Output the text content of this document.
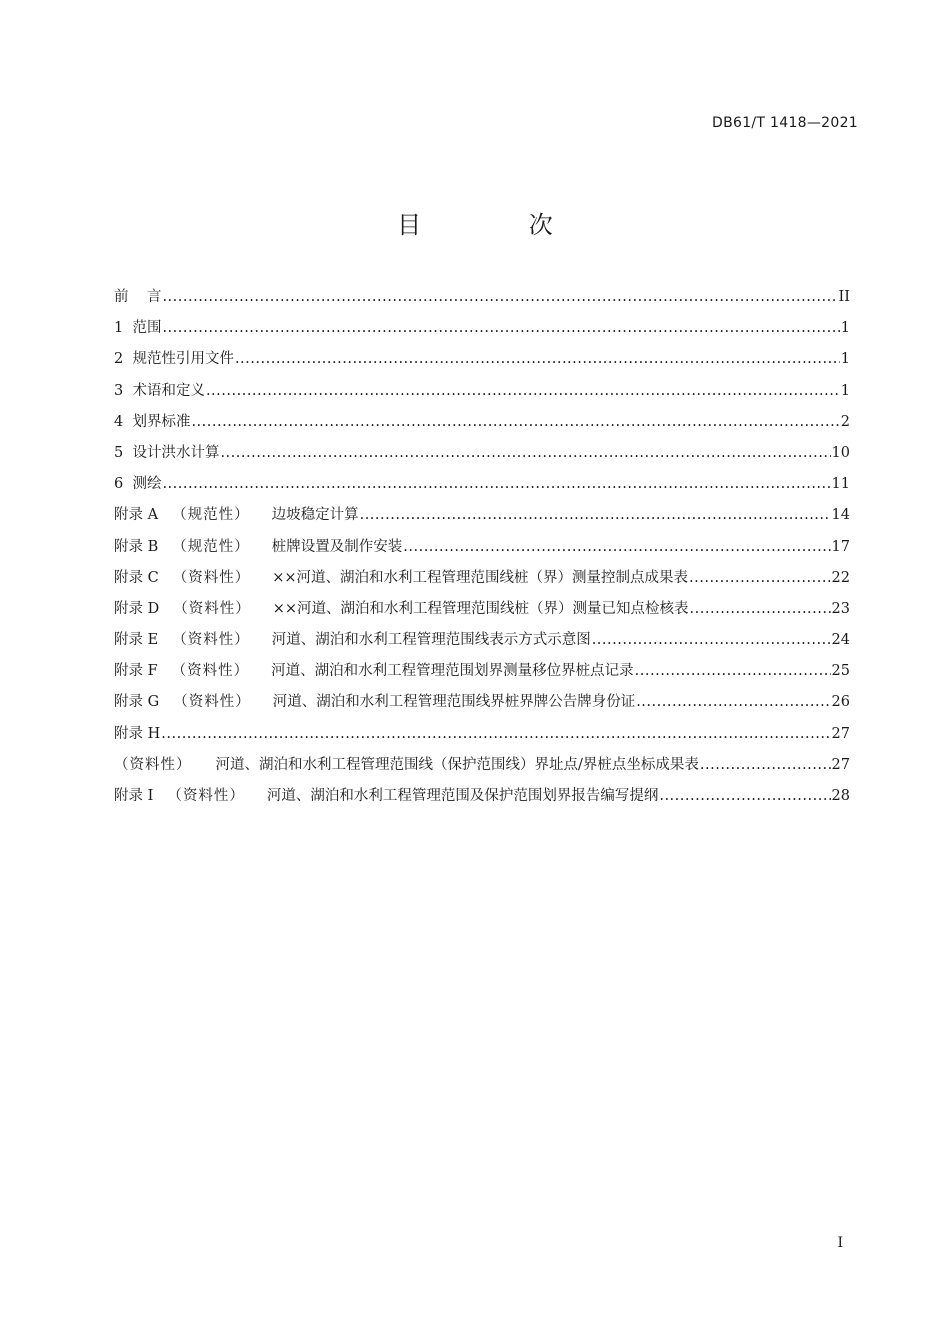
DB61/T 1418—2021
目 次
前    言 .....	II
1  范围 .....	1
2  规范性引用文件 .....	1
3  术语和定义 .....	1
4  划界标准 .....	2
5  设计洪水计算 .....	10
6  测绘 .....	11
附录 A （规范性） 边坡稳定计算 .....	14
附录 B （规范性） 桩牌设置及制作安装 .....	17
附录 C （资料性） ××河道、湖泊和水利工程管理范围线桩（界）测量控制点成果表 .....	22
附录 D （资料性） ××河道、湖泊和水利工程管理范围线桩（界）测量已知点检核表 .....	23
附录 E （资料性） 河道、湖泊和水利工程管理范围线表示方式示意图 .....	24
附录 F （资料性） 河道、湖泊和水利工程管理范围划界测量移位界桩点记录 .....	25
附录 G （资料性） 河道、湖泊和水利工程管理范围线界桩界牌公告牌身份证 .....	26
附录 H .....	27
（资料性） 河道、湖泊和水利工程管理范围线（保护范围线）界址点/界桩点坐标成果表 .....	27
附录 I （资料性） 河道、湖泊和水利工程管理范围及保护范围划界报告编写提纲 .....	28
I
